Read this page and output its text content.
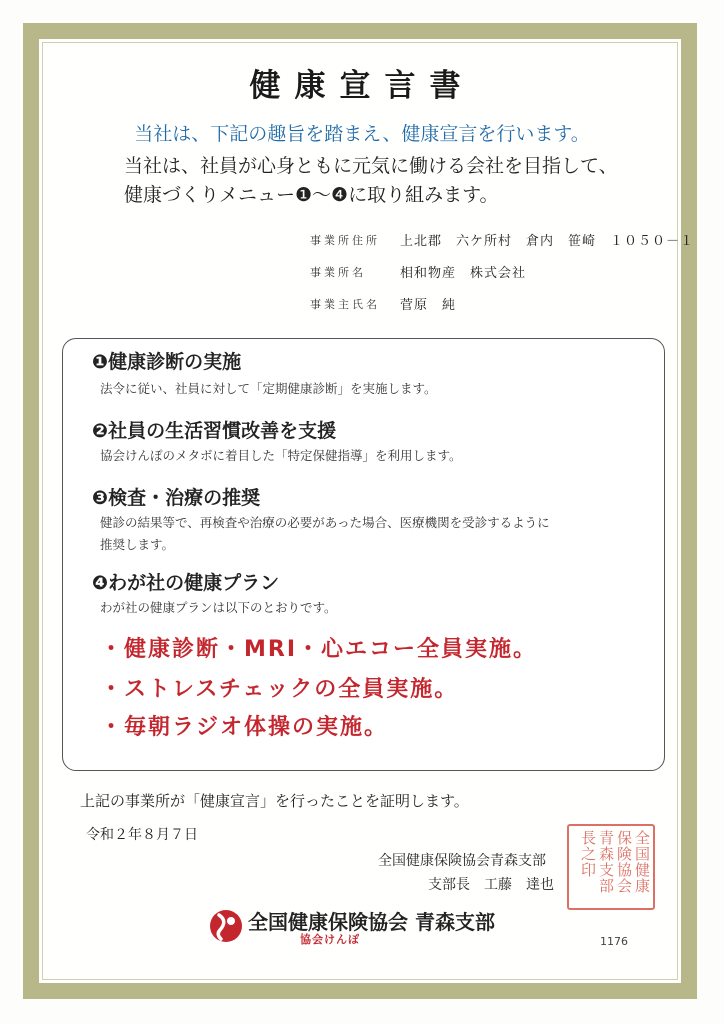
健康宣言書
当社は、下記の趣旨を踏まえ、健康宣言を行います。
当社は、社員が心身ともに元気に働ける会社を目指して、
健康づくりメニュー❶～❹に取り組みます。
事業所住所 上北郡　六ケ所村　倉内　笹崎　１０５０－１
事業所名	相和物産　株式会社
事業主氏名 菅原　純
❶健康診断の実施
法令に従い、社員に対して「定期健康診断」を実施します。
❷社員の生活習慣改善を支援
協会けんぽのメタボに着目した「特定保健指導」を利用します。
❸検査・治療の推奨
健診の結果等で、再検査や治療の必要があった場合、医療機関を受診するように
推奨します。
❹わが社の健康プラン
わが社の健康プランは以下のとおりです。
・健康診断・MRI・心エコー全員実施。
・ストレスチェックの全員実施。
・毎朝ラジオ体操の実施。
上記の事業所が「健康宣言」を行ったことを証明します。
令和２年８月７日
全国健康保険協会青森支部
支部長　工藤　達也	全国健康保険協会青森支部長之印
全国健康保険協会 青森支部
協会けんぽ	1176
